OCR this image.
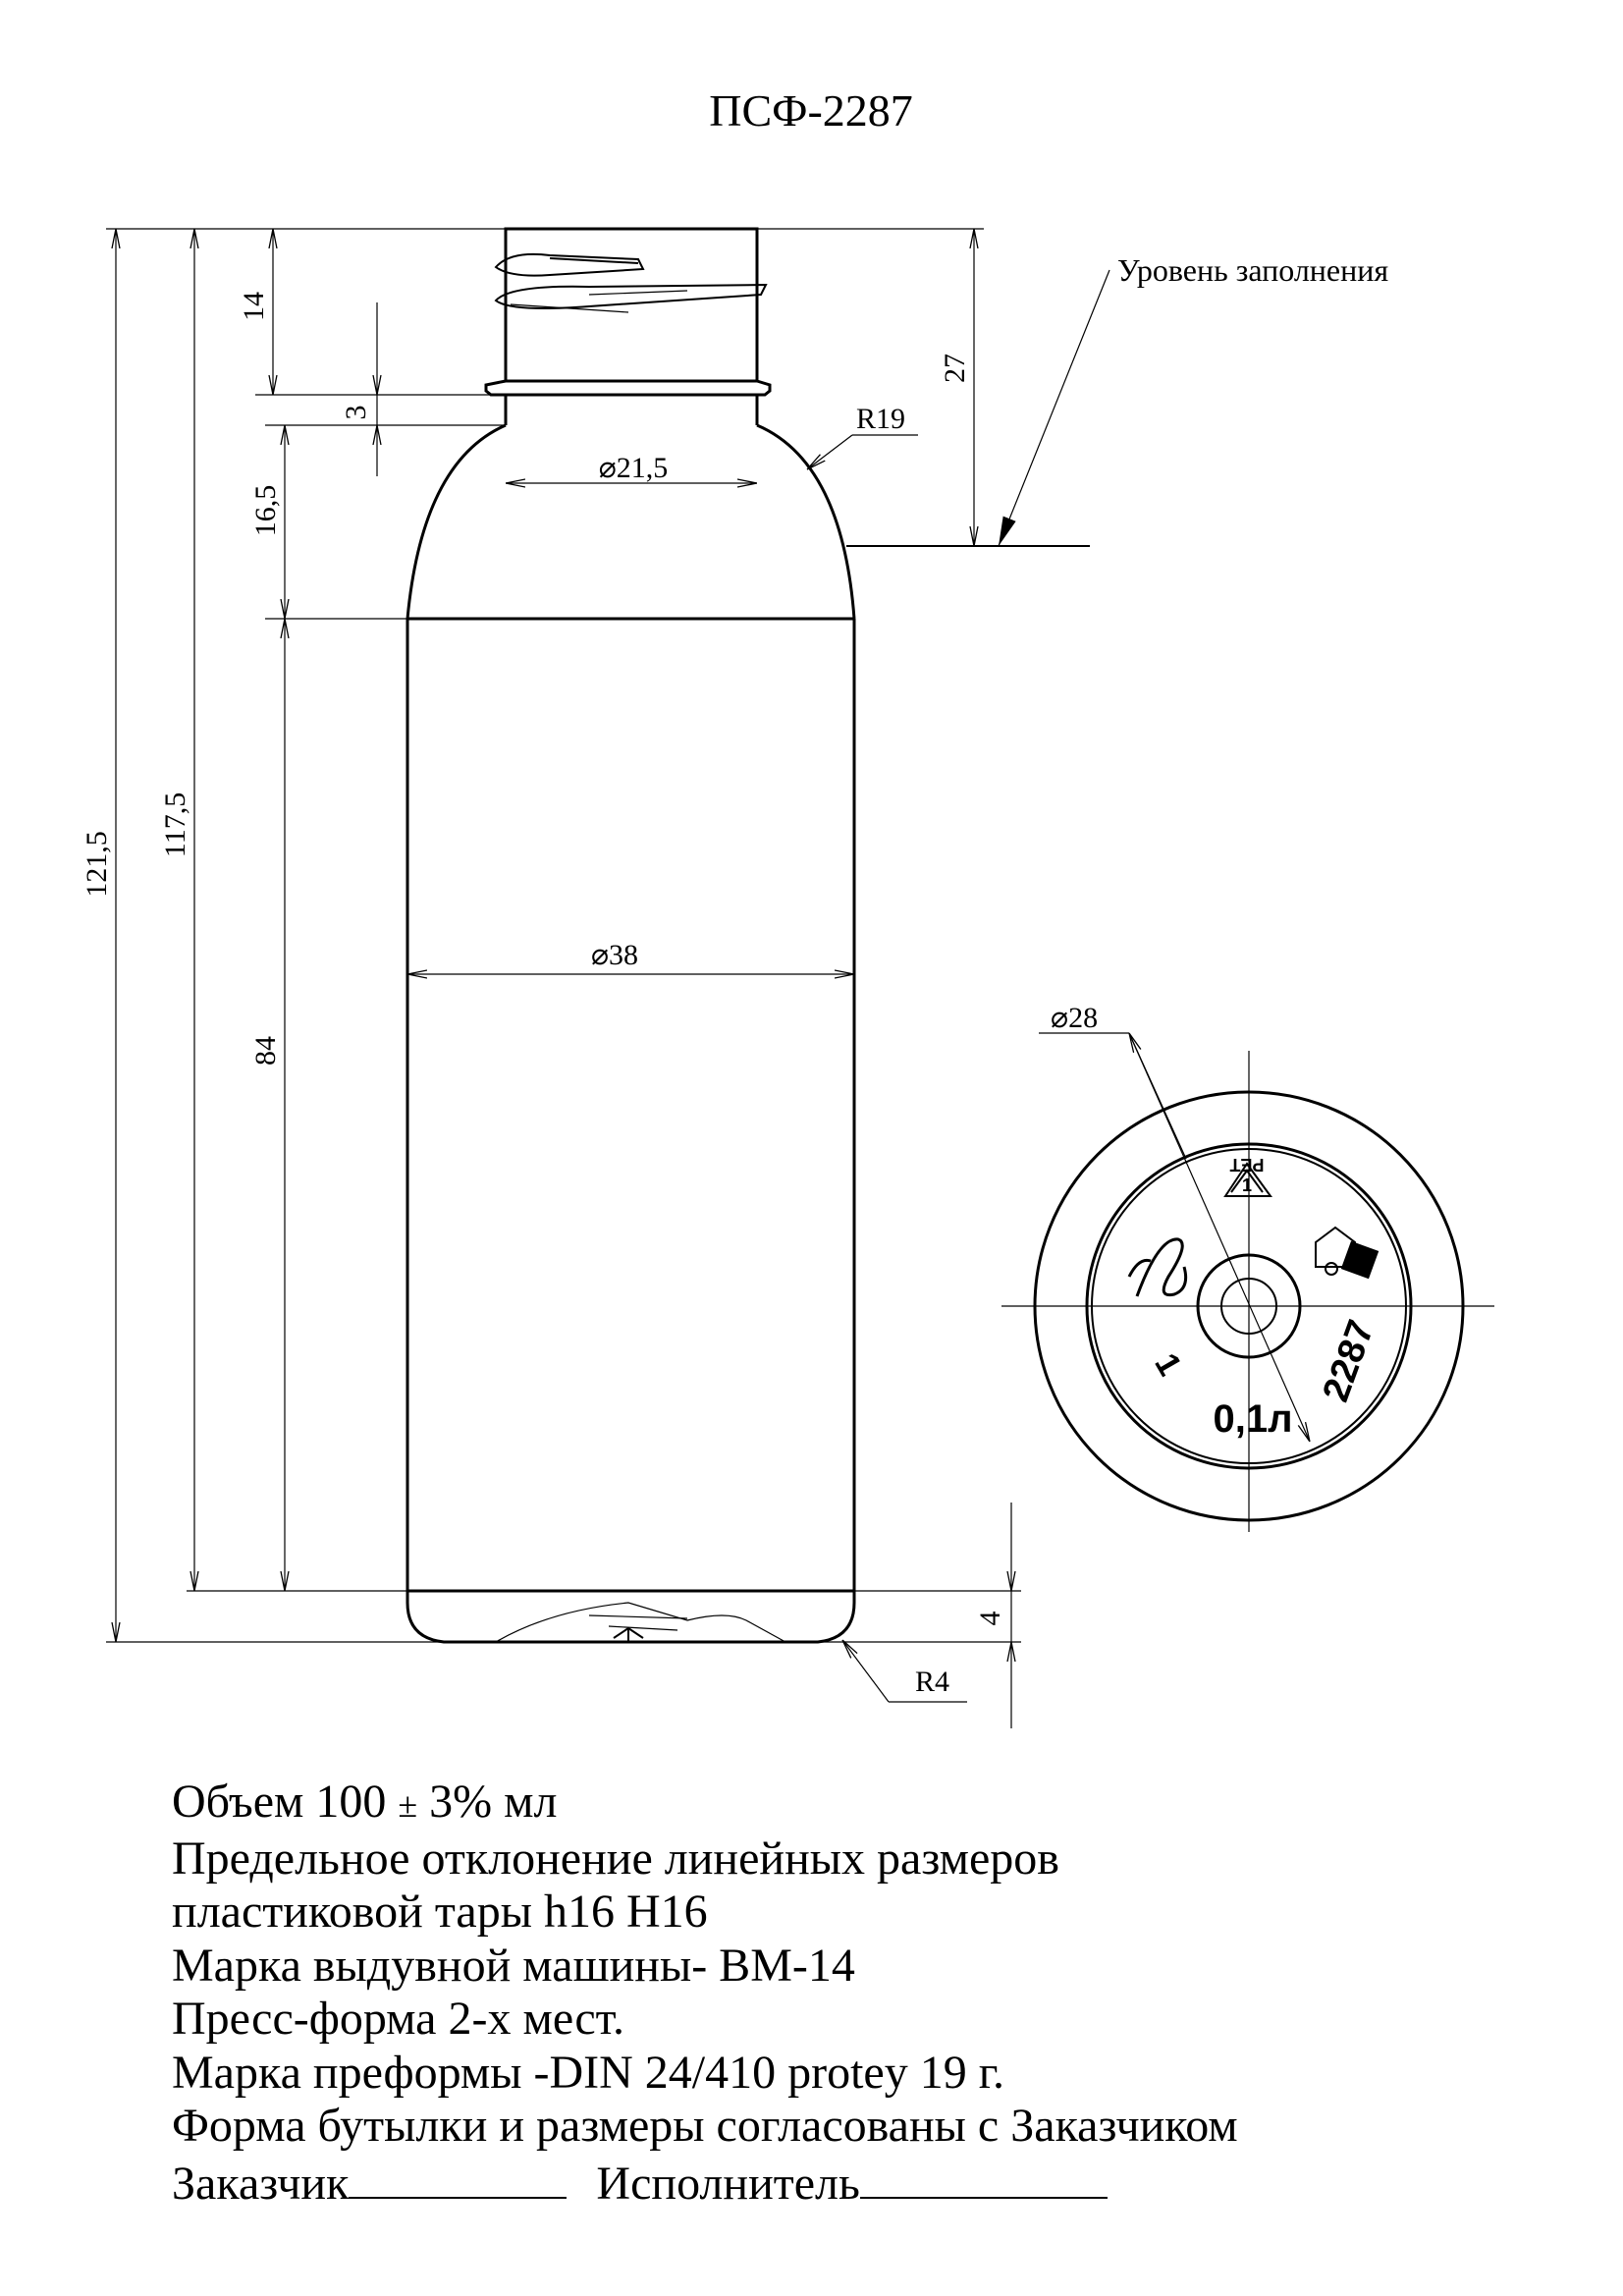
ПСФ-2287
121,5
117,5
14
3
16,5
84
⌀21,5
⌀38
R19
27
Уровень заполнения
4
R4
⌀28
1
PET
1
0,1л
2287
Объем 100 ± 3% мл
Предельное отклонение линейных размеров
пластиковой тары h16 H16
Марка выдувной машины- BM-14
Пресс-форма 2-х мест.
Марка преформы -DIN 24/410 protey 19 г.
Форма бутылки и размеры согласованы с Заказчиком
Заказчик	Исполнитель
